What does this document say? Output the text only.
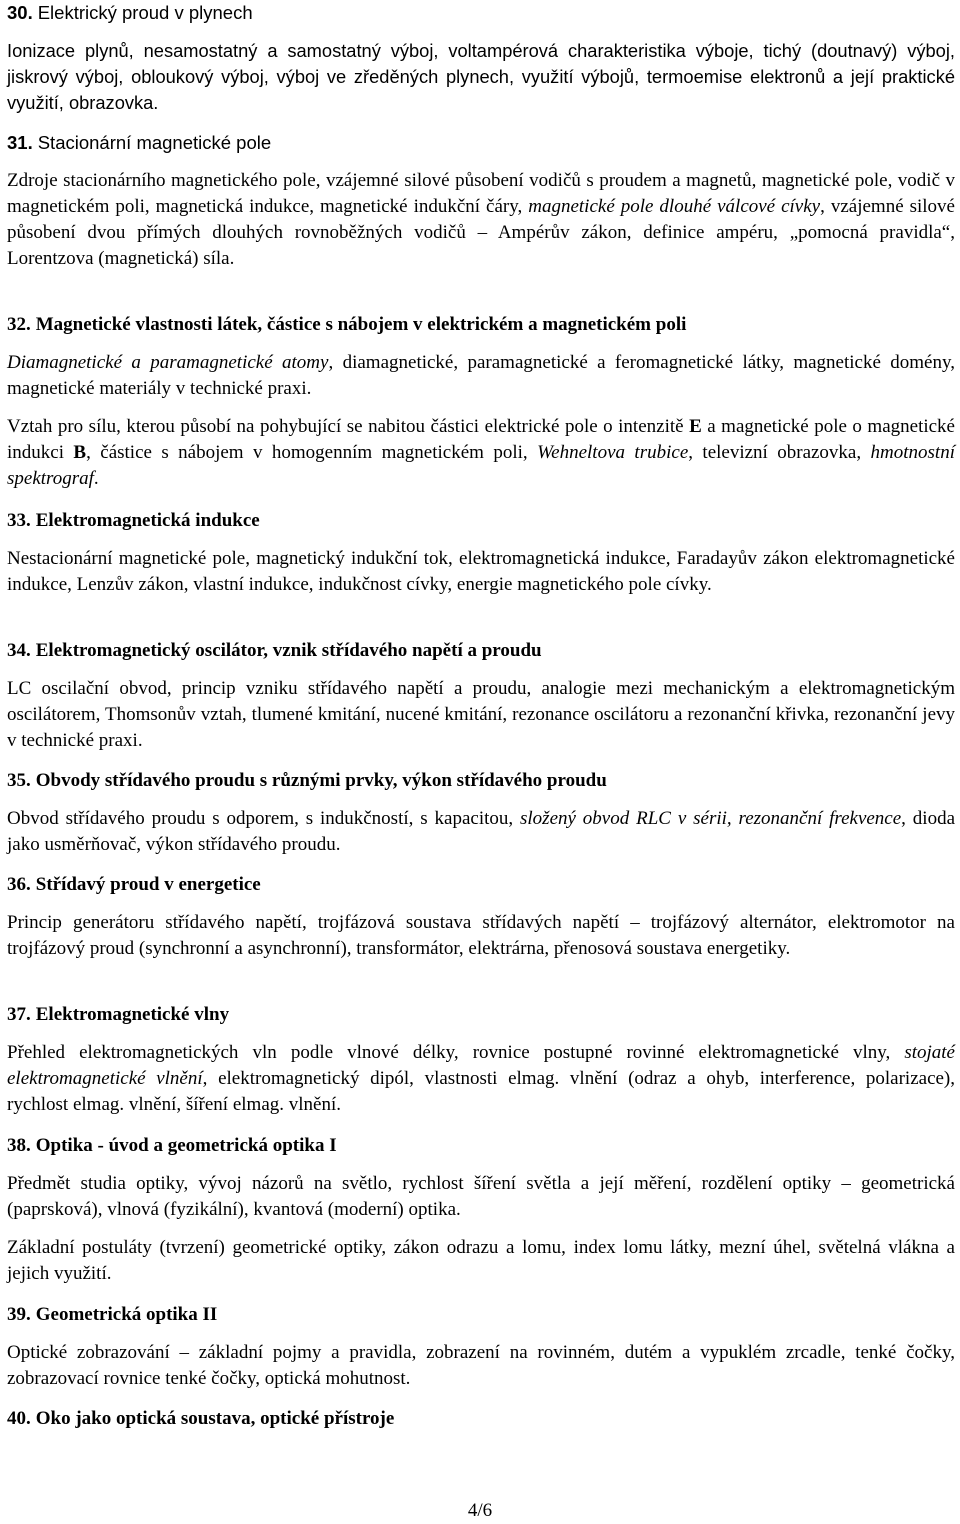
30. Elektrický proud v plynech

Ionizace plynů, nesamostatný a samostatný výboj, voltampérová charakteristika výboje, tichý (doutnavý) výboj, jiskrový výboj, obloukový výboj, výboj ve zředěných plynech, využití výbojů, termoemise elektronů a její praktické využití, obrazovka.

31. Stacionární magnetické pole

Zdroje stacionárního magnetického pole, vzájemné silové působení vodičů s proudem a magnetů, magnetické pole, vodič v magnetickém poli, magnetická indukce, magnetické indukční čáry, magnetické pole dlouhé válcové cívky, vzájemné silové působení dvou přímých dlouhých rovnoběžných vodičů – Ampérův zákon, definice ampéru, „pomocná pravidla“, Lorentzova (magnetická) síla.

32. Magnetické vlastnosti látek, částice s nábojem v elektrickém a magnetickém poli

Diamagnetické a paramagnetické atomy, diamagnetické, paramagnetické a feromagnetické látky, magnetické domény, magnetické materiály v technické praxi.

Vztah pro sílu, kterou působí na pohybující se nabitou částici elektrické pole o intenzitě E a magnetické pole o magnetické indukci B, částice s nábojem v homogenním magnetickém poli, Wehneltova trubice, televizní obrazovka, hmotnostní spektrograf.

33. Elektromagnetická indukce

Nestacionární magnetické pole, magnetický indukční tok, elektromagnetická indukce, Faradayův zákon elektromagnetické indukce, Lenzův zákon, vlastní indukce, indukčnost cívky, energie magnetického pole cívky.

34. Elektromagnetický oscilátor, vznik střídavého napětí a proudu

LC oscilační obvod, princip vzniku střídavého napětí a proudu, analogie mezi mechanickým a elektromagnetickým oscilátorem, Thomsonův vztah, tlumené kmitání, nucené kmitání, rezonance oscilátoru a rezonanční křivka, rezonanční jevy v technické praxi.

35. Obvody střídavého proudu s různými prvky, výkon střídavého proudu

Obvod střídavého proudu s odporem, s indukčností, s kapacitou, složený obvod RLC v sérii, rezonanční frekvence, dioda jako usměrňovač, výkon střídavého proudu.

36. Střídavý proud v energetice

Princip generátoru střídavého napětí, trojfázová soustava střídavých napětí – trojfázový alternátor, elektromotor na trojfázový proud (synchronní a asynchronní), transformátor, elektrárna, přenosová soustava energetiky.

37. Elektromagnetické vlny

Přehled elektromagnetických vln podle vlnové délky, rovnice postupné rovinné elektromagnetické vlny, stojaté elektromagnetické vlnění, elektromagnetický dipól, vlastnosti elmag. vlnění (odraz a ohyb, interference, polarizace), rychlost elmag. vlnění, šíření elmag. vlnění.

38. Optika - úvod a geometrická optika I

Předmět studia optiky, vývoj názorů na světlo, rychlost šíření světla a její měření, rozdělení optiky – geometrická (paprsková), vlnová (fyzikální), kvantová (moderní) optika.

Základní postuláty (tvrzení) geometrické optiky, zákon odrazu a lomu, index lomu látky, mezní úhel, světelná vlákna a jejich využití.

39. Geometrická optika II

Optické zobrazování – základní pojmy a pravidla, zobrazení na rovinném, dutém a vypuklém zrcadle, tenké čočky, zobrazovací rovnice tenké čočky, optická mohutnost.

40. Oko jako optická soustava, optické přístroje
4/6
